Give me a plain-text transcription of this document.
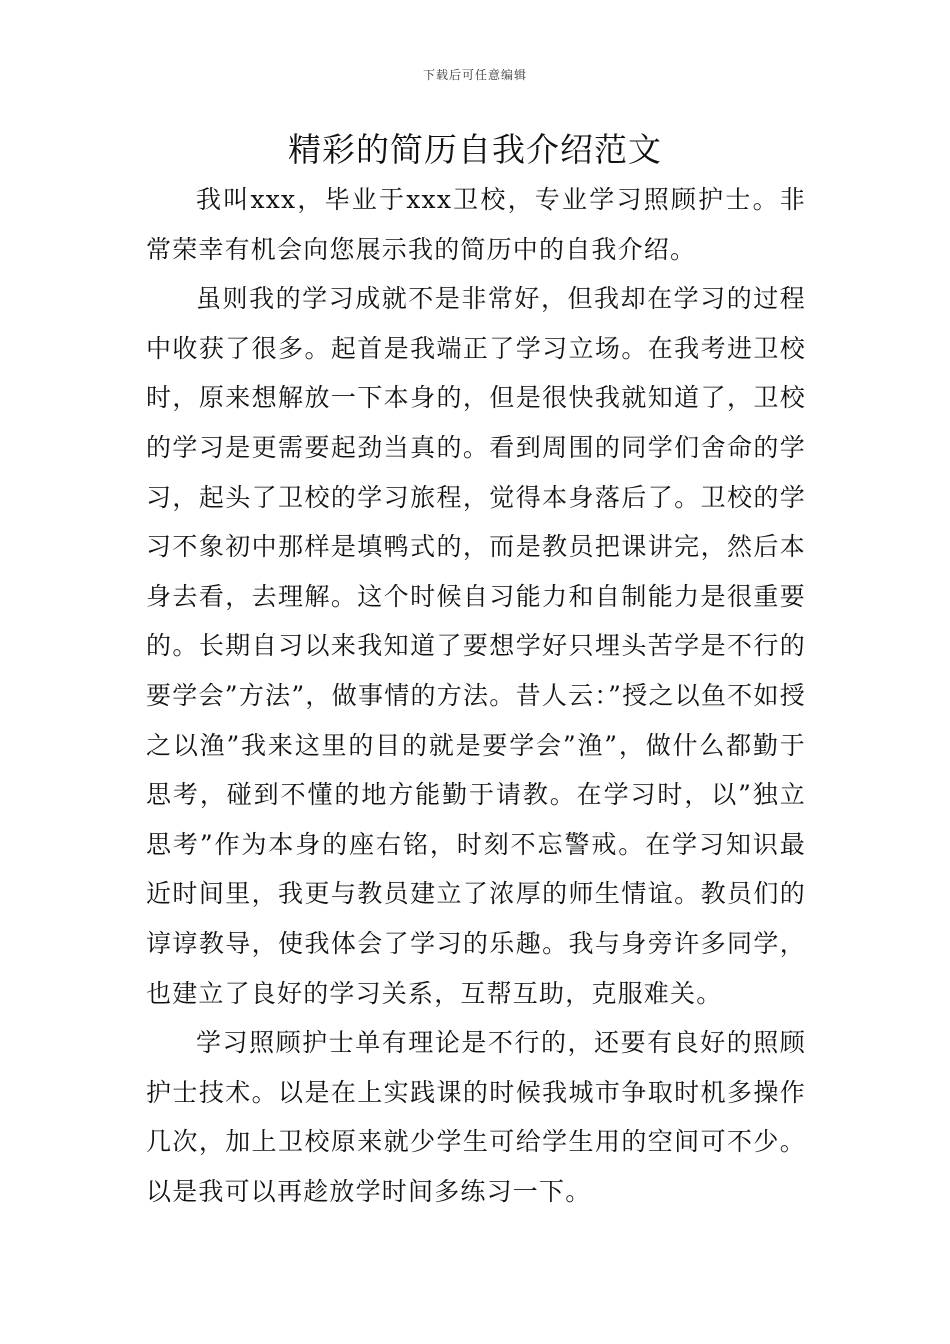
下载后可任意编辑
精彩的简历自我介绍范文

我叫xxx，毕业于xxx卫校，专业学习照顾护士。非常荣幸有机会向您展示我的简历中的自我介绍。

虽则我的学习成就不是非常好，但我却在学习的过程中收获了很多。起首是我端正了学习立场。在我考进卫校时，原来想解放一下本身的，但是很快我就知道了，卫校的学习是更需要起劲当真的。看到周围的同学们舍命的学习，起头了卫校的学习旅程，觉得本身落后了。卫校的学习不象初中那样是填鸭式的，而是教员把课讲完，然后本身去看，去理解。这个时候自习能力和自制能力是很重要的。长期自习以来我知道了要想学好只埋头苦学是不行的要学会”方法”，做事情的方法。昔人云：”授之以鱼不如授之以渔”我来这里的目的就是要学会”渔”，做什么都勤于思考，碰到不懂的地方能勤于请教。在学习时，以”独立思考”作为本身的座右铭，时刻不忘警戒。在学习知识最近时间里，我更与教员建立了浓厚的师生情谊。教员们的谆谆教导，使我体会了学习的乐趣。我与身旁许多同学，也建立了良好的学习关系，互帮互助，克服难关。

学习照顾护士单有理论是不行的，还要有良好的照顾护士技术。以是在上实践课的时候我城市争取时机多操作几次，加上卫校原来就少学生可给学生用的空间可不少。以是我可以再趁放学时间多练习一下。
